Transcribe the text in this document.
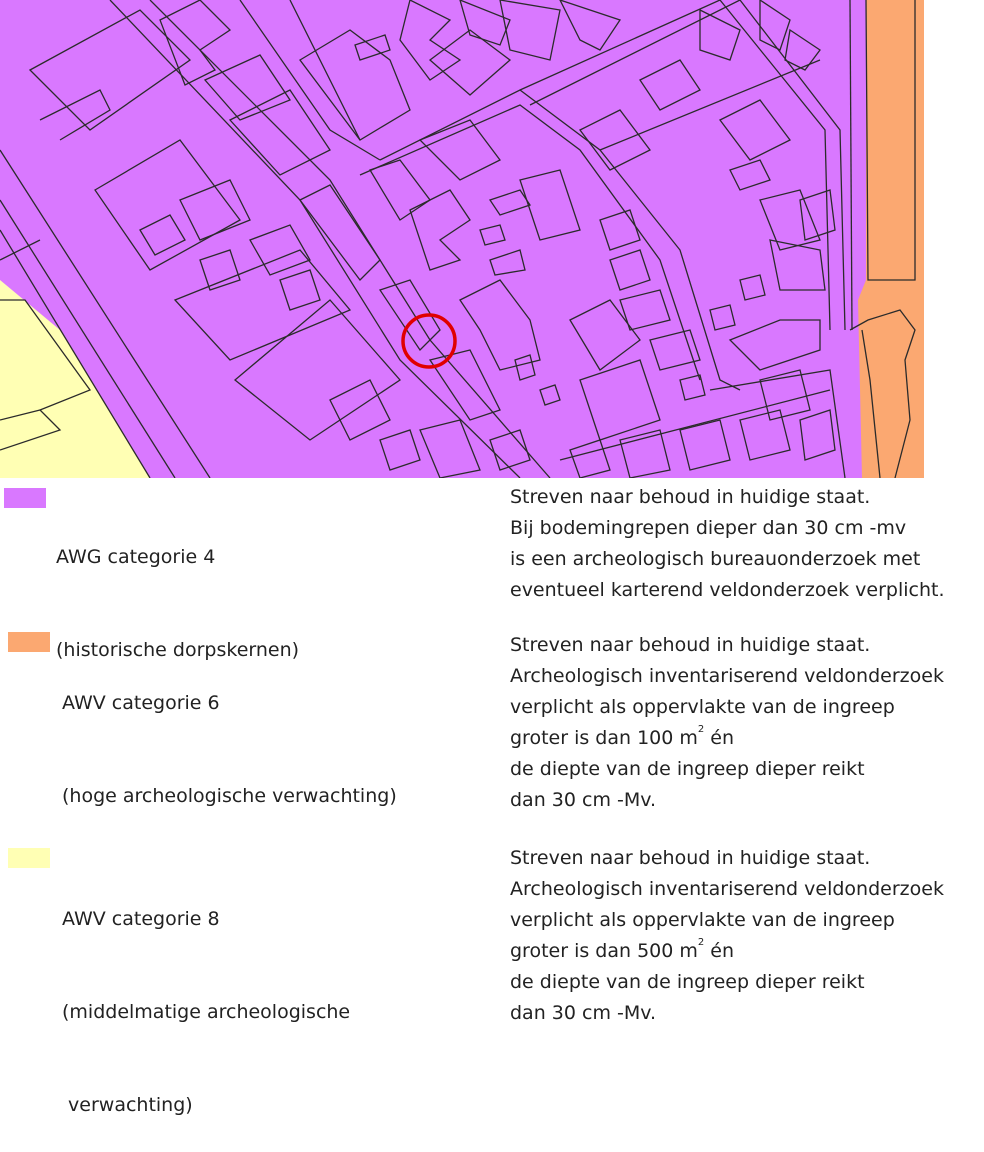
AWG categorie 4

(historische dorpskernen)

Streven naar behoud in huidige staat.
Bij bodemingrepen dieper dan 30 cm -mv
is een archeologisch bureauonderzoek met
eventueel karterend veldonderzoek verplicht.

AWV categorie 6

(hoge archeologische verwachting)

Streven naar behoud in huidige staat.
Archeologisch inventariserend veldonderzoek
verplicht als oppervlakte van de ingreep
groter is dan 100 $m^2$ én
de diepte van de ingreep dieper reikt
dan 30 cm -Mv.

AWV categorie 8

(middelmatige archeologische

verwachting)

Streven naar behoud in huidige staat.
Archeologisch inventariserend veldonderzoek
verplicht als oppervlakte van de ingreep
groter is dan 500 $m^2$ én
de diepte van de ingreep dieper reikt
dan 30 cm -Mv.
